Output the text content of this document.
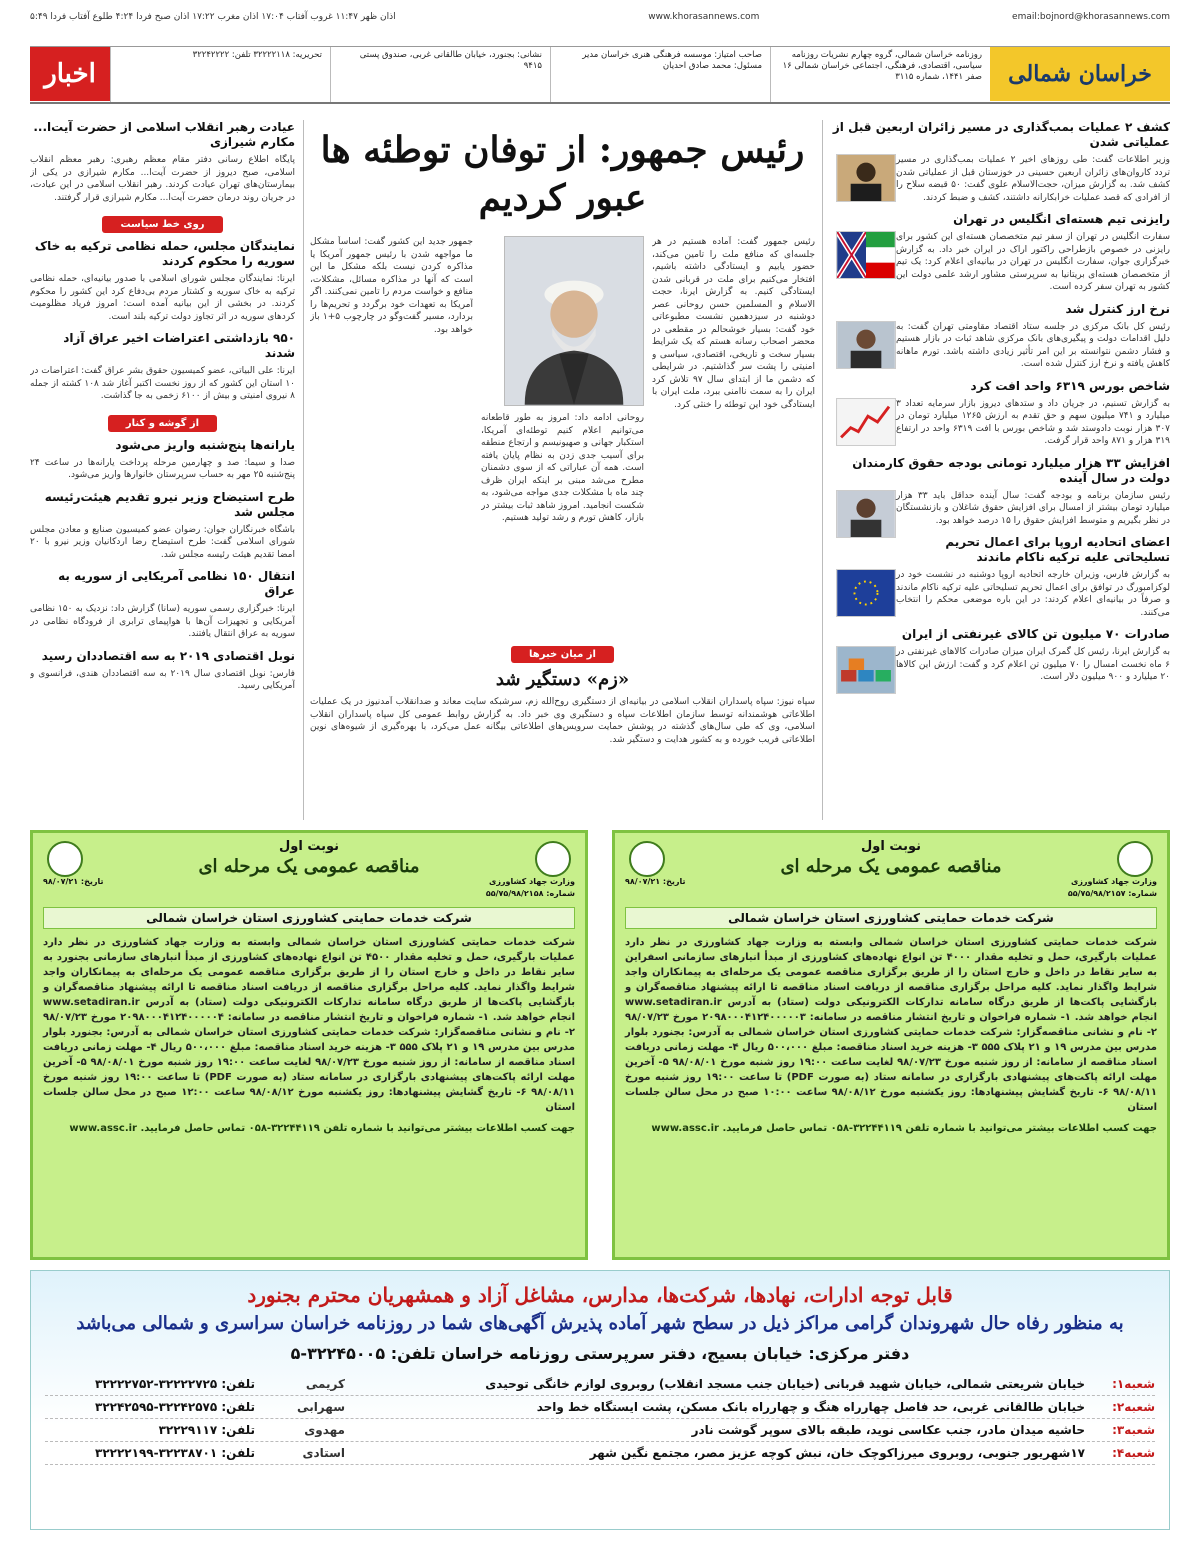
email:bojnord@khorasannews.com
www.khorasannews.com
اذان ظهر ۱۱:۴۷ غروب آفتاب ۱۷:۰۴ اذان مغرب ۱۷:۲۲ اذان صبح فردا ۴:۲۴ طلوع آفتاب فردا ۵:۴۹
خراسان شمالی
روزنامه خراسان شمالی، گروه چهارم نشریات روزنامه سیاسی، اقتصادی، فرهنگی، اجتماعی خراسان شمالی ۱۶ صفر ۱۴۴۱، شماره ۳۱۱۵
صاحب امتیاز: موسسه فرهنگی هنری خراسان مدیر مسئول: محمد صادق احدیان
نشانی: بجنورد، خیابان طالقانی غربی، صندوق پستی ۹۴۱۵
تحریریه: ۳۲۲۲۲۱۱۸ تلفن: ۳۲۲۴۲۲۲۲
اخبار
کشف ۲ عملیات بمب‌گذاری در مسیر زائران اربعین قبل از عملیاتی شدن

وزیر اطلاعات گفت: طی روزهای اخیر ۲ عملیات بمب‌گذاری در مسیر تردد کاروان‌های زائران اربعین حسینی در خوزستان قبل از عملیاتی شدن کشف شد. به گزارش میزان، حجت‌الاسلام علوی گفت: ۵۰ قبضه سلاح را از افرادی که قصد عملیات خرابکارانه داشتند، کشف و ضبط کردند.

رایزنی تیم هسته‌ای انگلیس در تهران

سفارت انگلیس در تهران از سفر تیم متخصصان هسته‌ای این کشور برای رایزنی در خصوص بازطراحی راکتور اراک در ایران خبر داد. به گزارش خبرگزاری جوان، سفارت انگلیس در تهران در بیانیه‌ای اعلام کرد: یک تیم از متخصصان هسته‌ای بریتانیا به سرپرستی مشاور ارشد علمی دولت این کشور به تهران سفر کرده است.

نرخ ارز کنترل شد

رئیس کل بانک مرکزی در جلسه ستاد اقتصاد مقاومتی تهران گفت: به دلیل اقدامات دولت و پیگیری‌های بانک مرکزی شاهد ثبات در بازار هستیم و فشار دشمن نتوانسته بر این امر تأثیر زیادی داشته باشد. تورم ماهانه کاهش یافته و نرخ ارز کنترل شده است.

شاخص بورس ۶۳۱۹ واحد افت کرد

به گزارش تسنیم، در جریان داد و ستدهای دیروز بازار سرمایه تعداد ۳ میلیارد و ۷۴۱ میلیون سهم و حق تقدم به ارزش ۱۲۶۵ میلیارد تومان در ۳۰۷ هزار نوبت دادوستد شد و شاخص بورس با افت ۶۳۱۹ واحد در ارتفاع ۳۱۹ هزار و ۸۷۱ واحد قرار گرفت.

افزایش ۳۳ هزار میلیارد تومانی بودجه حقوق کارمندان دولت در سال آینده

رئیس سازمان برنامه و بودجه گفت: سال آینده حداقل باید ۳۳ هزار میلیارد تومان بیشتر از امسال برای افزایش حقوق شاغلان و بازنشستگان در نظر بگیریم و متوسط افزایش حقوق را ۱۵ درصد خواهد بود.

اعضای اتحادیه اروپا برای اعمال تحریم تسلیحاتی علیه ترکیه ناکام ماندند

به گزارش فارس، وزیران خارجه اتحادیه اروپا دوشنبه در نشست خود در لوکزامبورگ در توافق برای اعمال تحریم تسلیحاتی علیه ترکیه ناکام ماندند و صرفاً در بیانیه‌ای اعلام کردند: در این باره موضعی محکم را انتخاب می‌کنند.

صادرات ۷۰ میلیون تن کالای غیرنفتی از ایران

به گزارش ایرنا، رئیس کل گمرک ایران میزان صادرات کالاهای غیرنفتی در ۶ ماه نخست امسال را ۷۰ میلیون تن اعلام کرد و گفت: ارزش این کالاها ۲۰ میلیارد و ۹۰۰ میلیون دلار است.

رئیس جمهور: از توفان توطئه ها عبور کردیم
رئیس جمهور گفت: آماده هستیم در هر جلسه‌ای که منافع ملت را تامین می‌کند، حضور یابیم و ایستادگی داشته باشیم، افتخار می‌کنیم برای ملت در قربانی شدن ایستادگی کنیم. به گزارش ایرنا، حجت الاسلام و المسلمین حسن روحانی عصر دوشنبه در سیزدهمین نشست مطبوعاتی خود گفت: بسیار خوشحالم در مقطعی در محضر اصحاب رسانه هستم که یک شرایط بسیار سخت و تاریخی، اقتصادی، سیاسی و امنیتی را پشت سر گذاشتیم. در شرایطی که دشمن ما از ابتدای سال ۹۷ تلاش کرد ایران را به سمت ناامنی ببرد، ملت ایران با ایستادگی خود این توطئه را خنثی کرد.
روحانی ادامه داد: امروز به طور قاطعانه می‌توانیم اعلام کنیم توطئه‌ای آمریکا، استکبار جهانی و صهیونیسم و ارتجاع منطقه برای آسیب جدی زدن به نظام پایان یافته است. همه آن عباراتی که از سوی دشمنان مطرح می‌شد مبنی بر اینکه ایران ظرف چند ماه با مشکلات جدی مواجه می‌شود، به شکست انجامید. امروز شاهد ثبات بیشتر در بازار، کاهش تورم و رشد تولید هستیم.
جمهور جدید این کشور گفت: اساساً مشکل ما مواجهه شدن با رئیس جمهور آمریکا یا مذاکره کردن نیست بلکه مشکل ما این است که آنها در مذاکره مسائل، مشکلات، منافع و خواست مردم را تامین نمی‌کنند. اگر آمریکا به تعهدات خود برگردد و تحریم‌ها را بردارد، مسیر گفت‌وگو در چارچوب ۵+۱ باز خواهد بود.
از میان خبرها
«زم» دستگیر شد

سپاه نیوز: سپاه پاسداران انقلاب اسلامی در بیانیه‌ای از دستگیری روح‌الله زم، سرشبکه سایت معاند و ضدانقلاب آمدنیوز در یک عملیات اطلاعاتی هوشمندانه توسط سازمان اطلاعات سپاه و دستگیری وی خبر داد. به گزارش روابط عمومی کل سپاه پاسداران انقلاب اسلامی، وی که طی سال‌های گذشته در پوشش حمایت سرویس‌های اطلاعاتی بیگانه عمل می‌کرد، با بهره‌گیری از شیوه‌های نوین اطلاعاتی فریب خورده و به کشور هدایت و دستگیر شد.

عیادت رهبر انقلاب اسلامی از حضرت آیت‌ا... مکارم شیرازی

پایگاه اطلاع رسانی دفتر مقام معظم رهبری: رهبر معظم انقلاب اسلامی، صبح دیروز از حضرت آیت‌ا... مکارم شیرازی در یکی از بیمارستان‌های تهران عیادت کردند. رهبر انقلاب اسلامی در این عیادت، در جریان روند درمان حضرت آیت‌ا... مکارم شیرازی قرار گرفتند.

روی خط سیاست
نمایندگان مجلس، حمله نظامی ترکیه به خاک سوریه را محکوم کردند

ایرنا: نمایندگان مجلس شورای اسلامی با صدور بیانیه‌ای، حمله نظامی ترکیه به خاک سوریه و کشتار مردم بی‌دفاع کرد این کشور را محکوم کردند. در بخشی از این بیانیه آمده است: امروز فریاد مظلومیت کردهای سوریه در اثر تجاوز دولت ترکیه بلند است.

۹۵۰ بازداشتی اعتراضات اخیر عراق آزاد شدند

ایرنا: علی البیاتی، عضو کمیسیون حقوق بشر عراق گفت: اعتراضات در ۱۰ استان این کشور که از روز نخست اکتبر آغاز شد ۱۰۸ کشته از جمله ۸ نیروی امنیتی و بیش از ۶۱۰۰ زخمی به جا گذاشت.

از گوشه و کنار
یارانه‌ها پنج‌شنبه واریز می‌شود

صدا و سیما: صد و چهارمین مرحله پرداخت یارانه‌ها در ساعت ۲۴ پنج‌شنبه ۲۵ مهر به حساب سرپرستان خانوارها واریز می‌شود.

طرح استیضاح وزیر نیرو تقدیم هیئت‌رئیسه مجلس شد

باشگاه خبرنگاران جوان: رضوان عضو کمیسیون صنایع و معادن مجلس شورای اسلامی گفت: طرح استیضاح رضا اردکانیان وزیر نیرو با ۲۰ امضا تقدیم هیئت رئیسه مجلس شد.

انتقال ۱۵۰ نظامی آمریکایی از سوریه به عراق

ایرنا: خبرگزاری رسمی سوریه (سانا) گزارش داد: نزدیک به ۱۵۰ نظامی آمریکایی و تجهیزات آن‌ها با هواپیمای ترابری از فرودگاه نظامی در سوریه به عراق انتقال یافتند.

نوبل اقتصادی ۲۰۱۹ به سه اقتصاددان رسید

فارس: نوبل اقتصادی سال ۲۰۱۹ به سه اقتصاددان هندی، فرانسوی و آمریکایی رسید.

نوبت اول
مناقصه عمومی یک مرحله ای
وزارت جهاد کشاورزی
تاریخ: ۹۸/۰۷/۲۱
شماره: ۵۵/۷۵/۹۸/۲۱۵۸
شرکت خدمات حمایتی کشاورزی استان خراسان شمالی

شرکت خدمات حمایتی کشاورزی استان خراسان شمالی وابسته به وزارت جهاد کشاورزی در نظر دارد عملیات بارگیری، حمل و تخلیه مقدار ۴۵۰۰ تن انواع نهاده‌های کشاورزی از مبدأ انبارهای سازمانی بجنورد به سایر نقاط در داخل و خارج استان را از طریق برگزاری مناقصه عمومی یک مرحله‌ای به پیمانکاران واجد شرایط واگذار نماید. کلیه مراحل برگزاری مناقصه از دریافت اسناد مناقصه تا ارائه پیشنهاد مناقصه‌گران و بازگشایی پاکت‌ها از طریق درگاه سامانه تدارکات الکترونیکی دولت (ستاد) به آدرس www.setadiran.ir انجام خواهد شد. ۱- شماره فراخوان و تاریخ انتشار مناقصه در سامانه: ۲۰۹۸۰۰۰۴۱۲۴۰۰۰۰۰۴ مورخ ۹۸/۰۷/۲۳ ۲- نام و نشانی مناقصه‌گزار: شرکت خدمات حمایتی کشاورزی استان خراسان شمالی به آدرس: بجنورد بلوار مدرس بین مدرس ۱۹ و ۲۱ پلاک ۵۵۵ ۳- هزینه خرید اسناد مناقصه: مبلغ ۵۰۰،۰۰۰ ریال ۴- مهلت زمانی دریافت اسناد مناقصه از سامانه: از روز شنبه مورخ ۹۸/۰۷/۲۳ لغایت ساعت ۱۹:۰۰ روز شنبه مورخ ۹۸/۰۸/۰۱ ۵- آخرین مهلت ارائه پاکت‌های پیشنهادی بارگزاری در سامانه ستاد (به صورت PDF) تا ساعت ۱۹:۰۰ روز شنبه مورخ ۹۸/۰۸/۱۱ ۶- تاریخ گشایش پیشنهادها: روز یکشنبه مورخ ۹۸/۰۸/۱۲ ساعت ۱۲:۰۰ صبح در محل سالن جلسات استان

جهت کسب اطلاعات بیشتر می‌توانید با شماره تلفن ۳۲۲۴۴۱۱۹-۰۵۸ تماس حاصل فرمایید. www.assc.ir

نوبت اول
مناقصه عمومی یک مرحله ای
وزارت جهاد کشاورزی
تاریخ: ۹۸/۰۷/۲۱
شماره: ۵۵/۷۵/۹۸/۲۱۵۷
شرکت خدمات حمایتی کشاورزی استان خراسان شمالی

شرکت خدمات حمایتی کشاورزی استان خراسان شمالی وابسته به وزارت جهاد کشاورزی در نظر دارد عملیات بارگیری، حمل و تخلیه مقدار ۴۰۰۰ تن انواع نهاده‌های کشاورزی از مبدأ انبارهای سازمانی اسفراین به سایر نقاط در داخل و خارج استان را از طریق برگزاری مناقصه عمومی یک مرحله‌ای به پیمانکاران واجد شرایط واگذار نماید. کلیه مراحل برگزاری مناقصه از دریافت اسناد مناقصه تا ارائه پیشنهاد مناقصه‌گران و بازگشایی پاکت‌ها از طریق درگاه سامانه تدارکات الکترونیکی دولت (ستاد) به آدرس www.setadiran.ir انجام خواهد شد. ۱- شماره فراخوان و تاریخ انتشار مناقصه در سامانه: ۲۰۹۸۰۰۰۴۱۲۴۰۰۰۰۰۳ مورخ ۹۸/۰۷/۲۳ ۲- نام و نشانی مناقصه‌گزار: شرکت خدمات حمایتی کشاورزی استان خراسان شمالی به آدرس: بجنورد بلوار مدرس بین مدرس ۱۹ و ۲۱ پلاک ۵۵۵ ۳- هزینه خرید اسناد مناقصه: مبلغ ۵۰۰،۰۰۰ ریال ۴- مهلت زمانی دریافت اسناد مناقصه از سامانه: از روز شنبه مورخ ۹۸/۰۷/۲۳ لغایت ساعت ۱۹:۰۰ روز شنبه مورخ ۹۸/۰۸/۰۱ ۵- آخرین مهلت ارائه پاکت‌های پیشنهادی بارگزاری در سامانه ستاد (به صورت PDF) تا ساعت ۱۹:۰۰ روز شنبه مورخ ۹۸/۰۸/۱۱ ۶- تاریخ گشایش پیشنهادها: روز یکشنبه مورخ ۹۸/۰۸/۱۲ ساعت ۱۰:۰۰ صبح در محل سالن جلسات استان

جهت کسب اطلاعات بیشتر می‌توانید با شماره تلفن ۳۲۲۴۴۱۱۹-۰۵۸ تماس حاصل فرمایید. www.assc.ir

قابل توجه ادارات، نهادها، شرکت‌ها، مدارس، مشاغل آزاد و همشهریان محترم بجنورد
به منظور رفاه حال شهروندان گرامی مراکز ذیل در سطح شهر آماده پذیرش آگهی‌های شما در روزنامه خراسان سراسری و شمالی می‌باشد
دفتر مرکزی: خیابان بسیج، دفتر سرپرستی روزنامه خراسان تلفن: ۳۲۲۴۵۰۰۵-۵
شعبه۱:
خیابان شریعتی شمالی، خیابان شهید قربانی (خیابان جنب مسجد انقلاب) روبروی لوازم خانگی توحیدی
کریمی
تلفن: ۳۲۲۲۲۷۲۵-۳۲۲۲۲۷۵۲
شعبه۲:
خیابان طالقانی غربی، حد فاصل چهارراه هنگ و چهارراه بانک مسکن، پشت ایستگاه خط واحد
سهرابی
تلفن: ۳۲۲۴۲۵۷۵-۳۲۲۴۲۵۹۵
شعبه۳:
حاشیه میدان مادر، جنب عکاسی نوید، طبقه بالای سوپر گوشت نادر
مهدوی
تلفن: ۳۲۲۲۹۱۱۷
شعبه۴:
۱۷شهریور جنوبی، روبروی میرزاکوچک خان، نبش کوچه عزیز مصر، مجتمع نگین شهر
استادی
تلفن: ۳۲۲۳۸۷۰۱-۳۲۲۲۲۱۹۹
